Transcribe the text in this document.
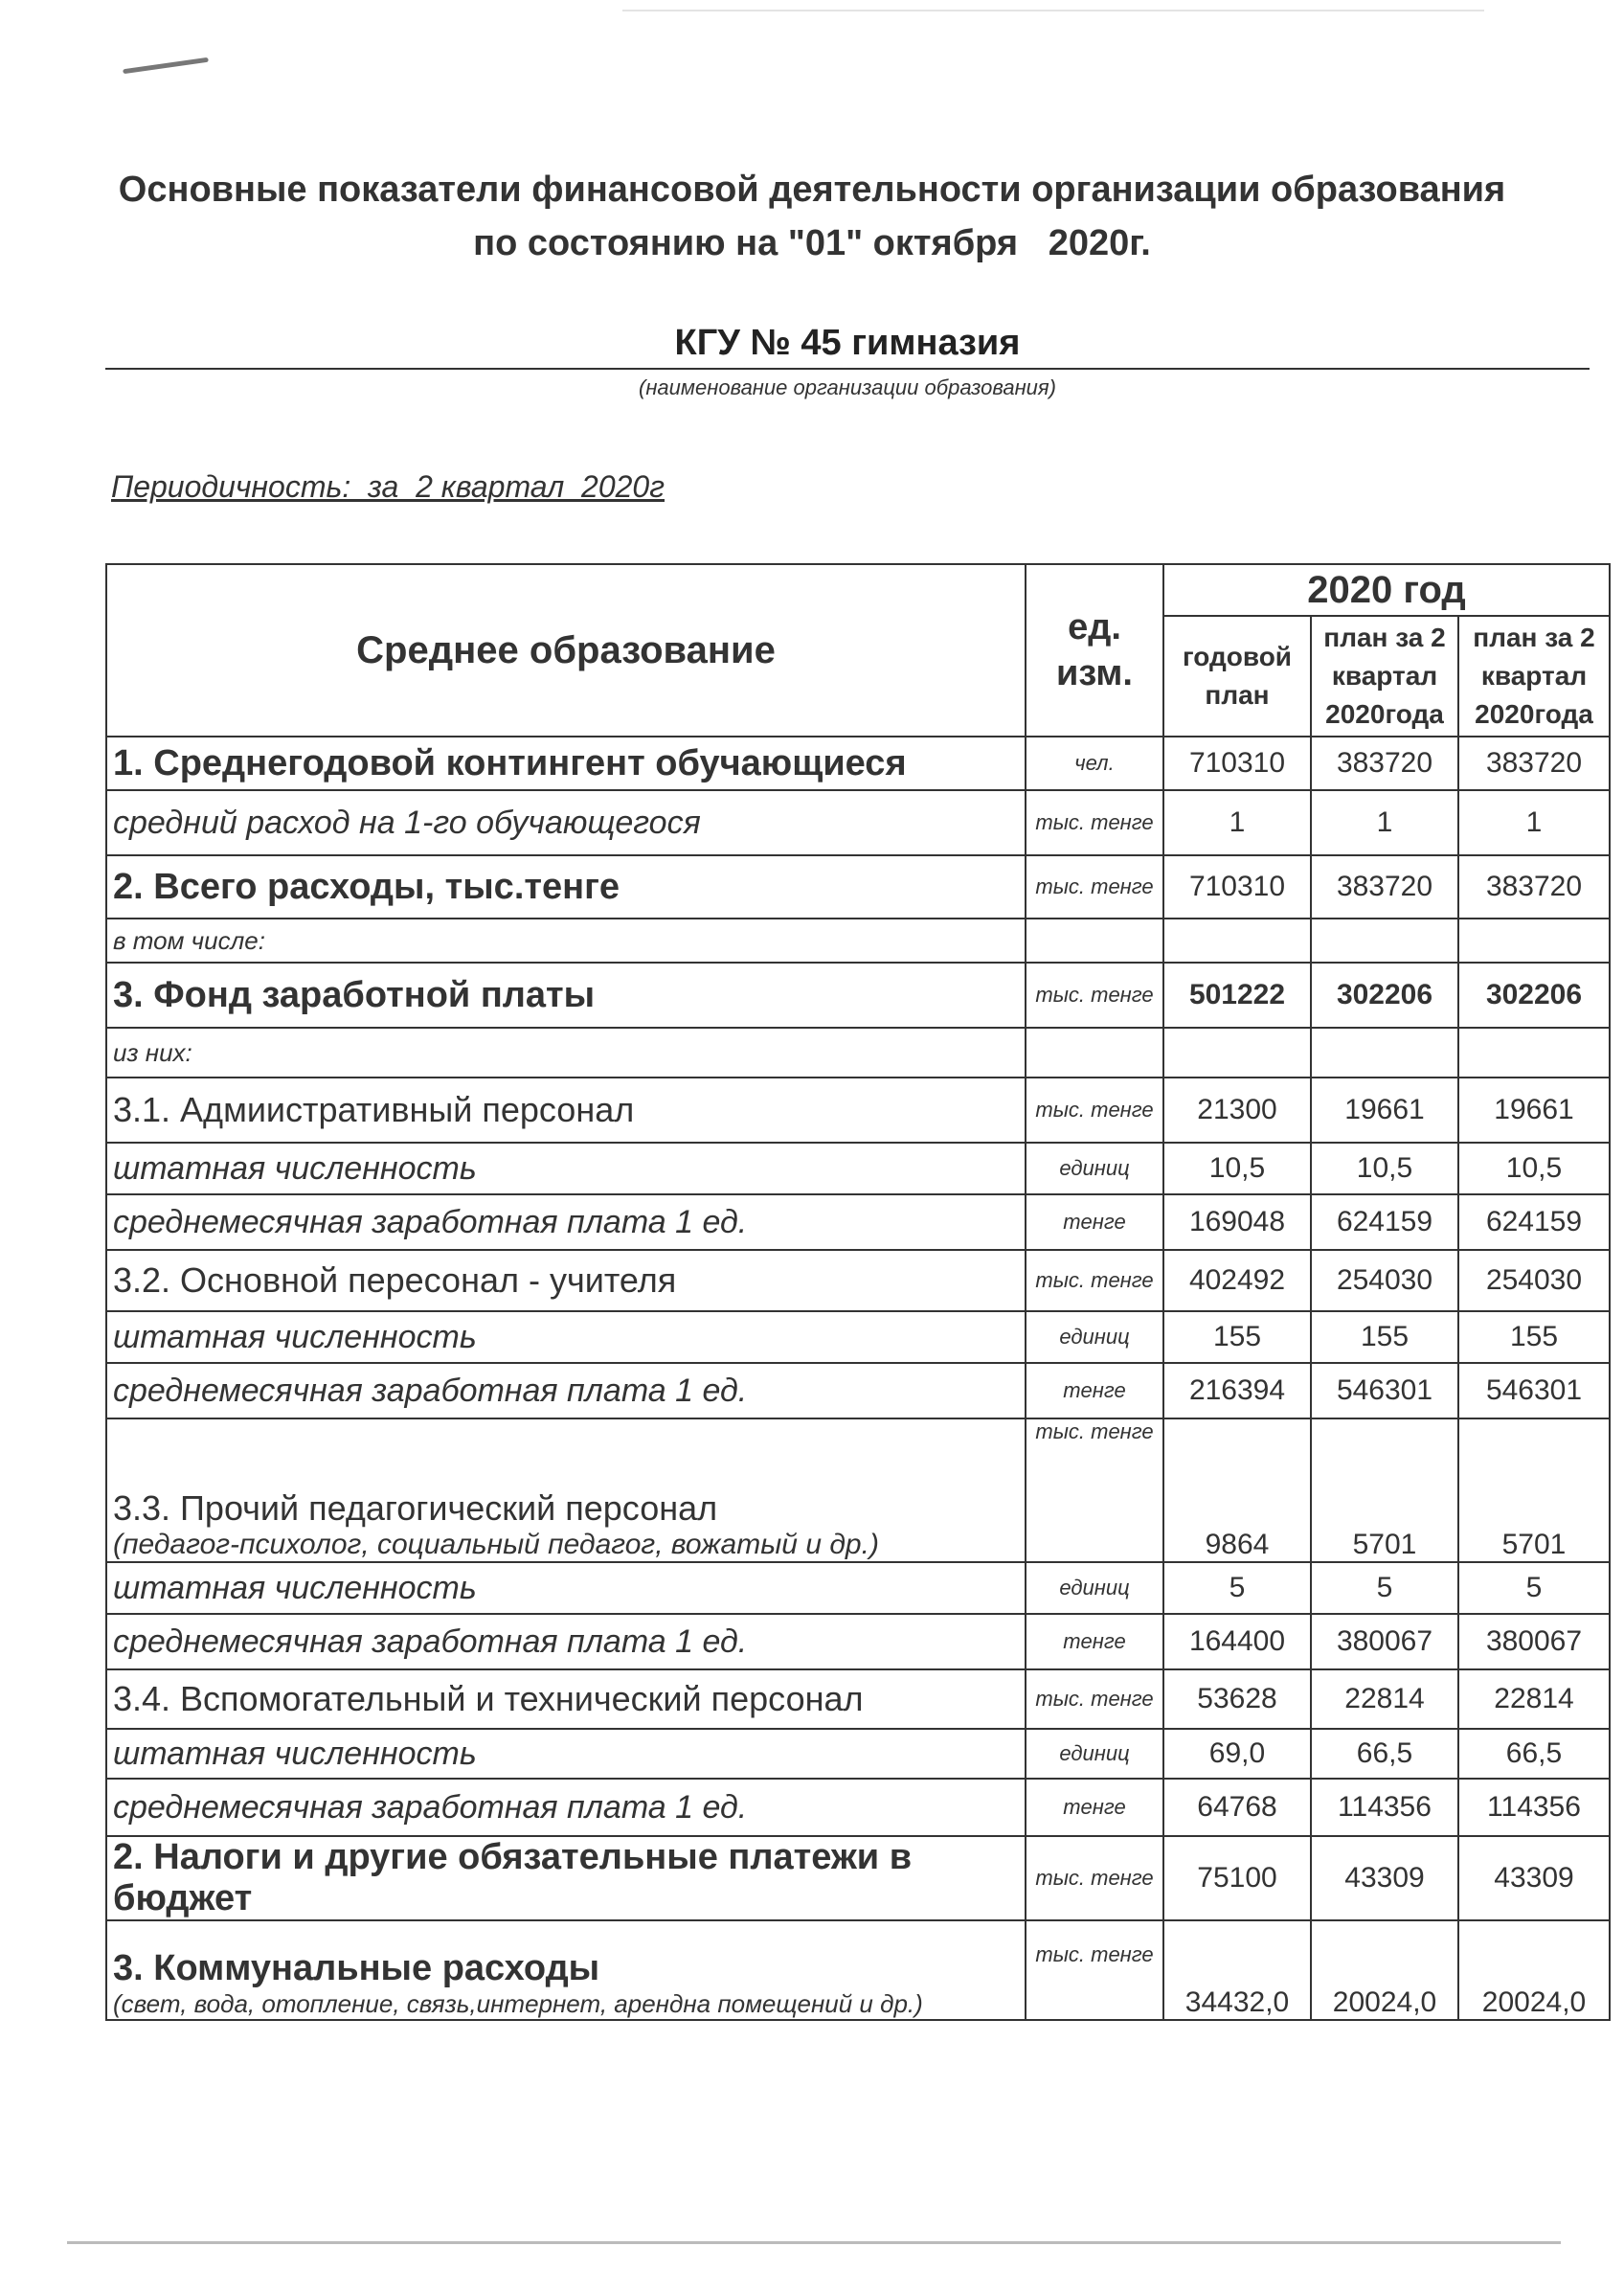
Основные показатели финансовой деятельности организации образования
по состоянию на "01" октября   2020г.
КГУ № 45 гимназия
(наименование организации образования)
Периодичность:  за  2 квартал  2020г
Среднее образование	ед. изм.	2020 год		
		годовой план	план за 2 квартал 2020года	план за 2 квартал 2020года
1. Среднегодовой контингент обучающиеся	чел.	710310	383720	383720
средний расход на 1-го обучающегося	тыс. тенге	1	1	1
2. Всего расходы, тыс.тенге	тыс. тенге	710310	383720	383720
в том числе:				
3. Фонд заработной платы	тыс. тенге	501222	302206	302206
из них:				
3.1. Адмиистративный персонал	тыс. тенге	21300	19661	19661
штатная численность	единиц	10,5	10,5	10,5
среднемесячная заработная плата 1 ед.	тенге	169048	624159	624159
3.2. Основной пересонал - учителя	тыс. тенге	402492	254030	254030
штатная численность	единиц	155	155	155
среднемесячная заработная плата 1 ед.	тенге	216394	546301	546301
3.3. Прочий педагогический персонал
(педагог-психолог, социальный педагог, вожатый и др.)	тыс. тенге	9864	5701	5701
штатная численность	единиц	5	5	5
среднемесячная заработная плата 1 ед.	тенге	164400	380067	380067
3.4. Вспомогательный и технический персонал	тыс. тенге	53628	22814	22814
штатная численность	единиц	69,0	66,5	66,5
среднемесячная заработная плата 1 ед.	тенге	64768	114356	114356
2. Налоги и другие обязательные платежи в бюджет	тыс. тенге	75100	43309	43309
3. Коммунальные расходы
(свет, вода, отопление, связь,интернет, арендна помещений и др.)	тыс. тенге	34432,0	20024,0	20024,0
